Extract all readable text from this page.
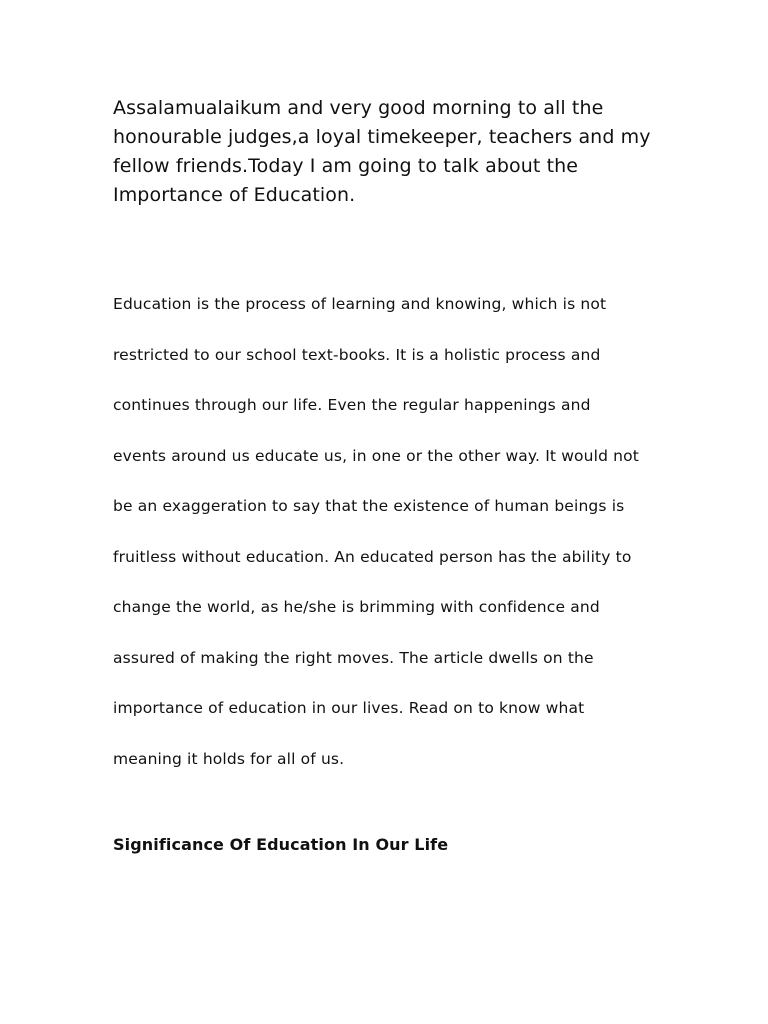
Assalamualaikum and very good morning to all the
honourable judges,a loyal timekeeper, teachers and my
fellow friends.Today I am going to talk about the
Importance of Education.

Education is the process of learning and knowing, which is not
restricted to our school text-books. It is a holistic process and
continues through our life. Even the regular happenings and
events around us educate us, in one or the other way. It would not
be an exaggeration to say that the existence of human beings is
fruitless without education. An educated person has the ability to
change the world, as he/she is brimming with confidence and
assured of making the right moves. The article dwells on the
importance of education in our lives. Read on to know what
meaning it holds for all of us.

Significance Of Education In Our Life
